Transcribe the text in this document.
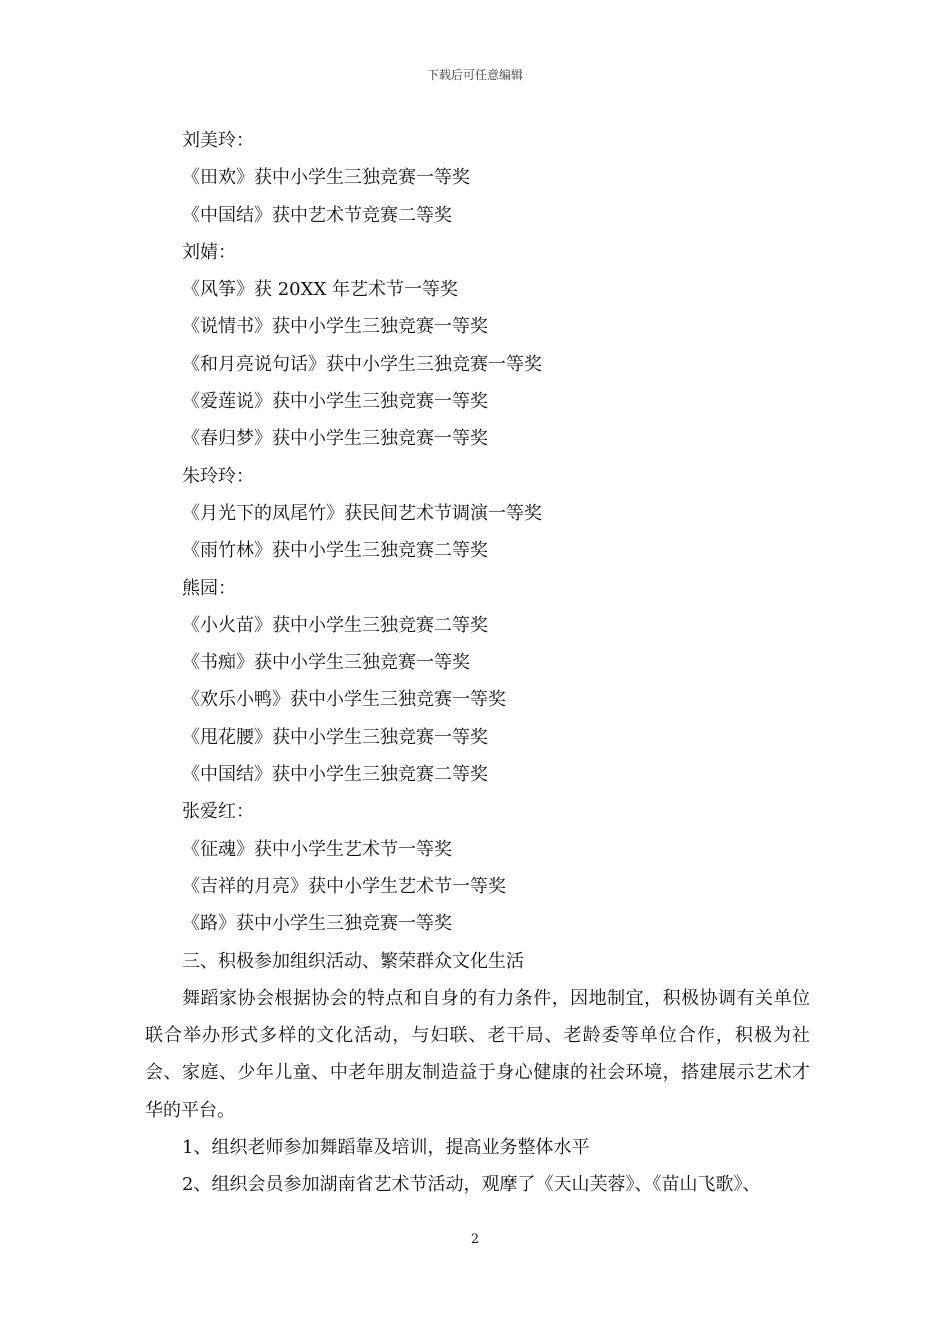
下载后可任意编辑
刘美玲：
《田欢》获中小学生三独竞赛一等奖
《中国结》获中艺术节竞赛二等奖
刘婧：
《风筝》获 20XX 年艺术节一等奖
《说情书》获中小学生三独竞赛一等奖
《和月亮说句话》获中小学生三独竞赛一等奖
《爱莲说》获中小学生三独竞赛一等奖
《春归梦》获中小学生三独竞赛一等奖
朱玲玲：
《月光下的凤尾竹》获民间艺术节调演一等奖
《雨竹林》获中小学生三独竞赛二等奖
熊园：
《小火苗》获中小学生三独竞赛二等奖
《书痴》获中小学生三独竞赛一等奖
《欢乐小鸭》获中小学生三独竞赛一等奖
《甩花腰》获中小学生三独竞赛一等奖
《中国结》获中小学生三独竞赛二等奖
张爱红：
《征魂》获中小学生艺术节一等奖
《吉祥的月亮》获中小学生艺术节一等奖
《路》获中小学生三独竞赛一等奖
三、积极参加组织活动、繁荣群众文化生活

舞蹈家协会根据协会的特点和自身的有力条件，因地制宜，积极协调有关单位联合举办形式多样的文化活动，与妇联、老干局、老龄委等单位合作，积极为社会、家庭、少年儿童、中老年朋友制造益于身心健康的社会环境，搭建展示艺术才华的平台。

1、组织老师参加舞蹈靠及培训，提高业务整体水平
2、组织会员参加湖南省艺术节活动，观摩了《天山芙蓉》、《苗山飞歌》、
2
